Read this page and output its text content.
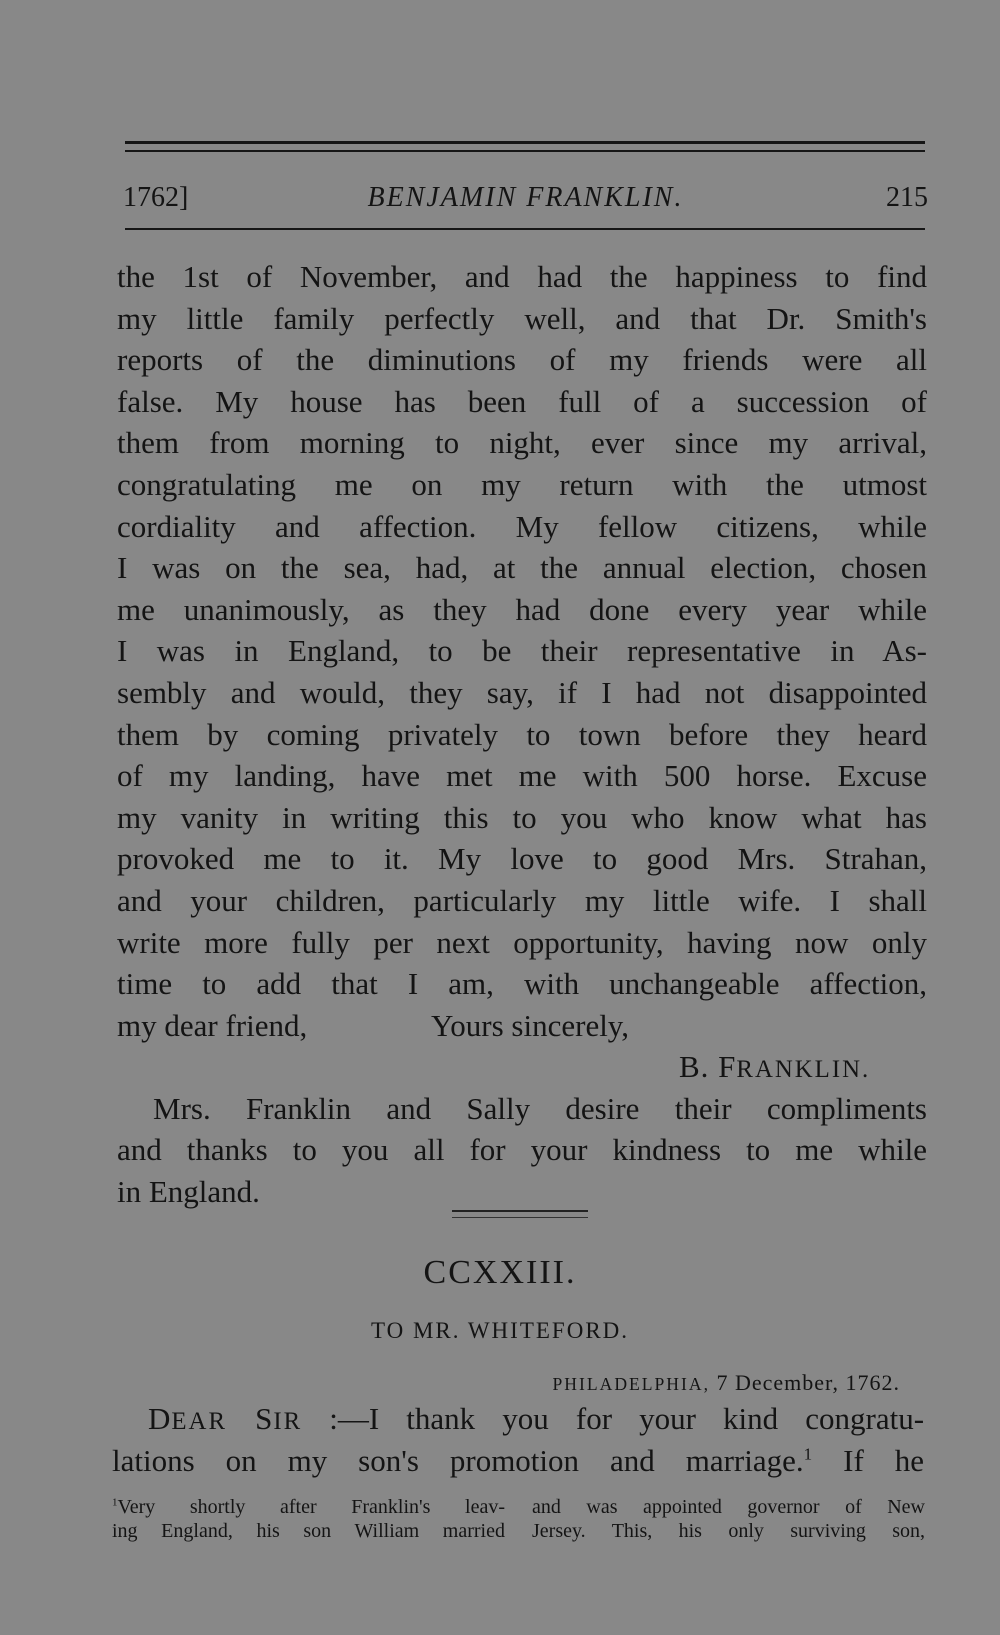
1762]	BENJAMIN FRANKLIN.	215
the 1st of November, and had the happiness to find
my little family perfectly well, and that Dr. Smith's
reports of the diminutions of my friends were all
false. My house has been full of a succession of
them from morning to night, ever since my arrival,
congratulating me on my return with the utmost
cordiality and affection. My fellow citizens, while
I was on the sea, had, at the annual election, chosen
me unanimously, as they had done every year while
I was in England, to be their representative in As-
sembly and would, they say, if I had not disappointed
them by coming privately to town before they heard
of my landing, have met me with 500 horse. Excuse
my vanity in writing this to you who know what has
provoked me to it. My love to good Mrs. Strahan,
and your children, particularly my little wife. I shall
write more fully per next opportunity, having now only
time to add that I am, with unchangeable affection,
my dear friend,	Yours sincerely,
B. FRANKLIN.
Mrs. Franklin and Sally desire their compliments
and thanks to you all for your kindness to me while
in England.
CCXXIII.
TO MR. WHITEFORD.
PHILADELPHIA, 7 December, 1762.
DEAR SIR :—I thank you for your kind congratu-
lations on my son's promotion and marriage.$^1$ If he
$^1$Very shortly after Franklin's leav-
ing England, his son William married
and was appointed governor of New
Jersey. This, his only surviving son,
